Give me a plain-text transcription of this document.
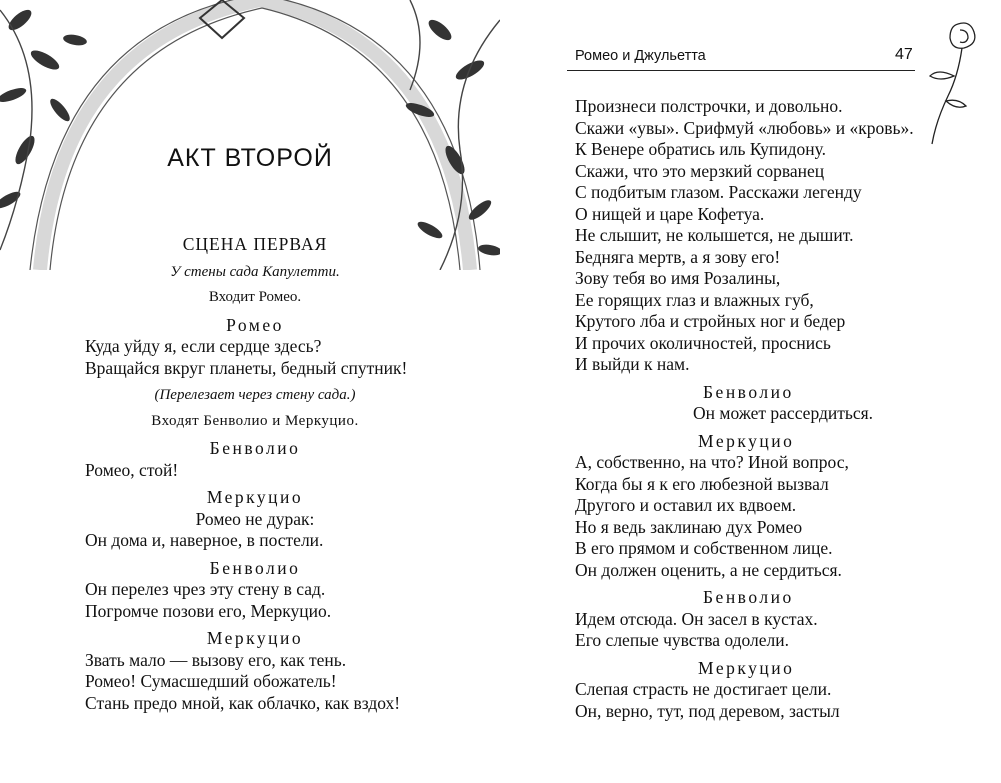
АКТ ВТОРОЙ
СЦЕНА ПЕРВАЯ
У стены сада Капулетти.
Входит Ромео.
Ромео
Куда уйду я, если сердце здесь?
Вращайся вкруг планеты, бедный спутник!
(Перелезает через стену сада.)
Входят Бенволио и Меркуцио.
Бенволио
Ромео, стой!
Меркуцио
Ромео не дурак:
Он дома и, наверное, в постели.
Бенволио
Он перелез чрез эту стену в сад.
Погромче позови его, Меркуцио.
Меркуцио
Звать мало — вызову его, как тень.
Ромео! Сумасшедший обожатель!
Стань предо мной, как облачко, как вздох!
Ромео и Джульетта	47
Произнеси полстрочки, и довольно.
Скажи «увы». Срифмуй «любовь» и «кровь».
К Венере обратись иль Купидону.
Скажи, что это мерзкий сорванец
С подбитым глазом. Расскажи легенду
О нищей и царе Кофетуа.
Не слышит, не колышется, не дышит.
Бедняга мертв, а я зову его!
Зову тебя во имя Розалины,
Ее горящих глаз и влажных губ,
Крутого лба и стройных ног и бедер
И прочих околичностей, проснись
И выйди к нам.
Бенволио
Он может рассердиться.
Меркуцио
А, собственно, на что? Иной вопрос,
Когда бы я к его любезной вызвал
Другого и оставил их вдвоем.
Но я ведь заклинаю дух Ромео
В его прямом и собственном лице.
Он должен оценить, а не сердиться.
Бенволио
Идем отсюда. Он засел в кустах.
Его слепые чувства одолели.
Меркуцио
Слепая страсть не достигает цели.
Он, верно, тут, под деревом, застыл
